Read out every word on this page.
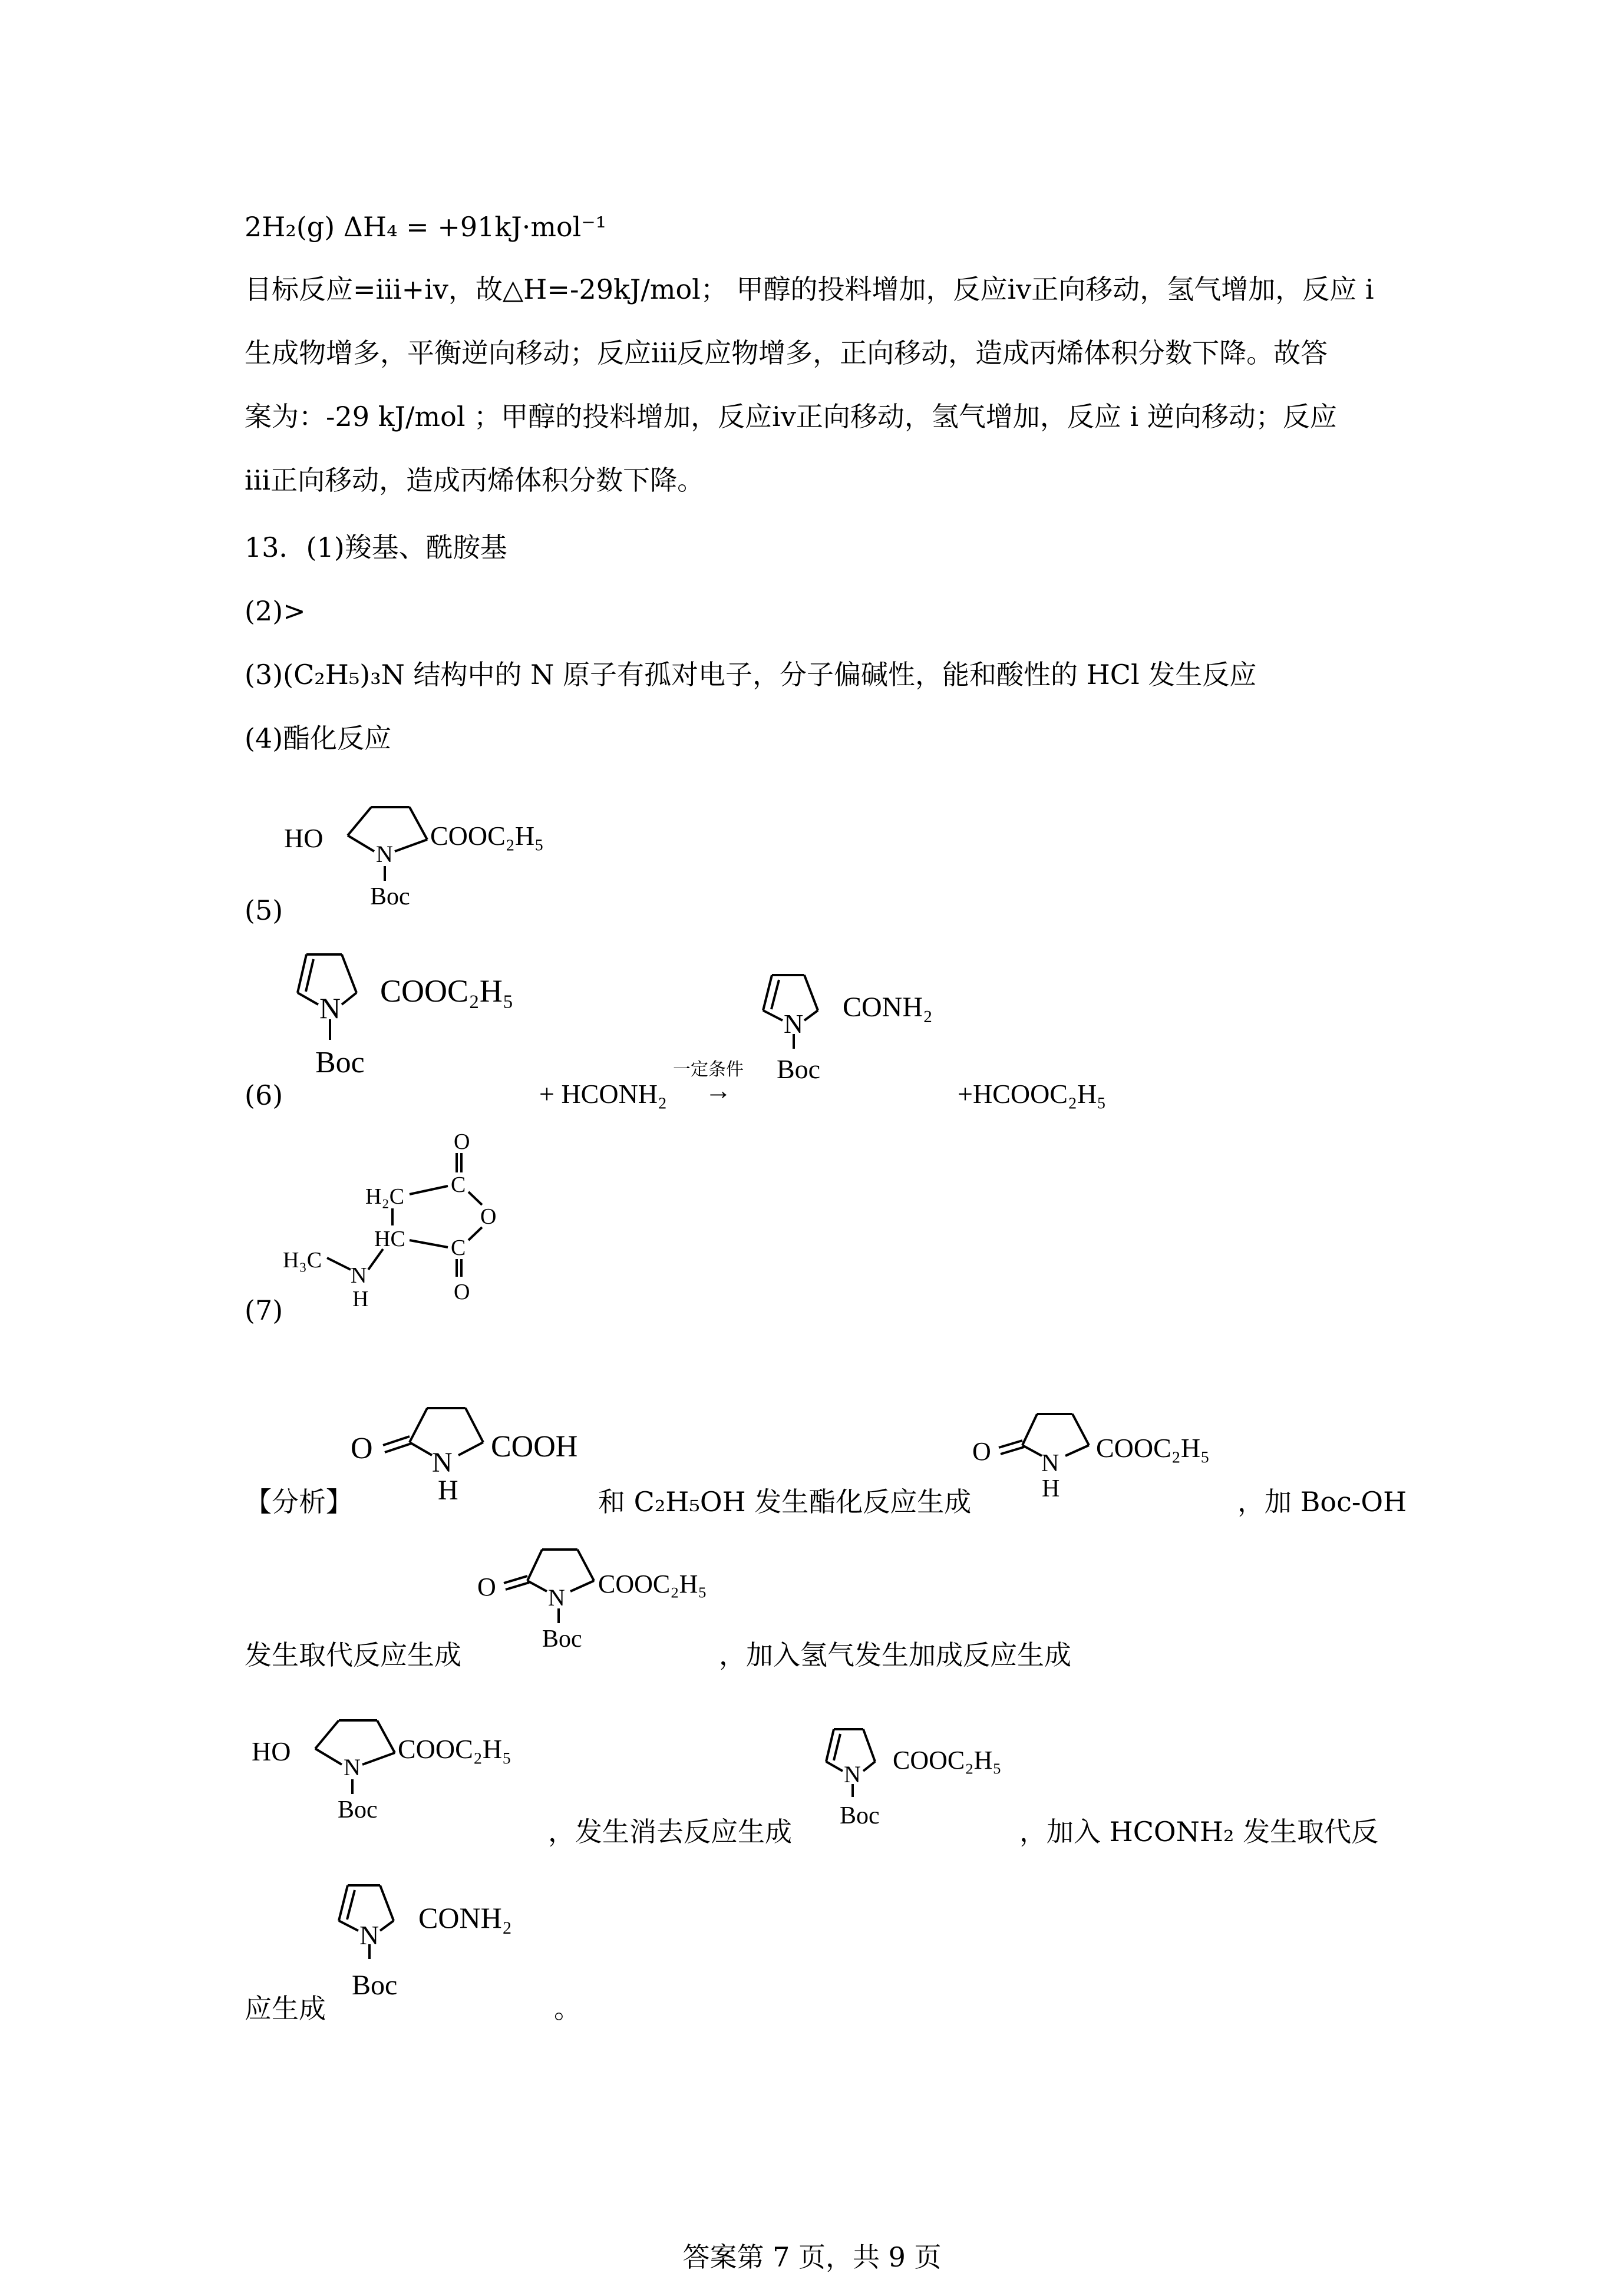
2H₂(g) ΔH₄ = +91kJ·mol⁻¹
目标反应=iii+iv，故△H=-29kJ/mol； 甲醇的投料增加，反应iv正向移动，氢气增加，反应 i
生成物增多，平衡逆向移动；反应iii反应物增多，正向移动，造成丙烯体积分数下降。故答
案为：-29 kJ/mol ；甲醇的投料增加，反应iv正向移动，氢气增加，反应 i 逆向移动；反应
iii正向移动，造成丙烯体积分数下降。
13．(1)羧基、酰胺基
(2)>
(3)(C₂H₅)₃N 结构中的 N 原子有孤对电子，分子偏碱性，能和酸性的 HCl 发生反应
(4)酯化反应
(5)
HO
N
COOC₂H₅
Boc
(6)
N COOC₂H₅
Boc
+ HCONH₂
一定条件
→
N
CONH₂
Boc
+HCOOC₂H₅
(7)
O
C
H₂C
O
HC C
O
H₃C
N
H
【分析】
O N
H
COOH
和 C₂H₅OH 发生酯化反应生成
O N
H
COOC₂H₅
，加 Boc-OH
O N
Boc
COOC₂H₅
发生取代反应生成	，加入氢气发生加成反应生成
HO
N
COOC₂H₅
Boc
，发生消去反应生成
N COOC₂H₅
Boc	，加入 HCONH₂ 发生取代反
N
CONH₂
Boc
应生成	。
答案第 7 页，共 9 页
